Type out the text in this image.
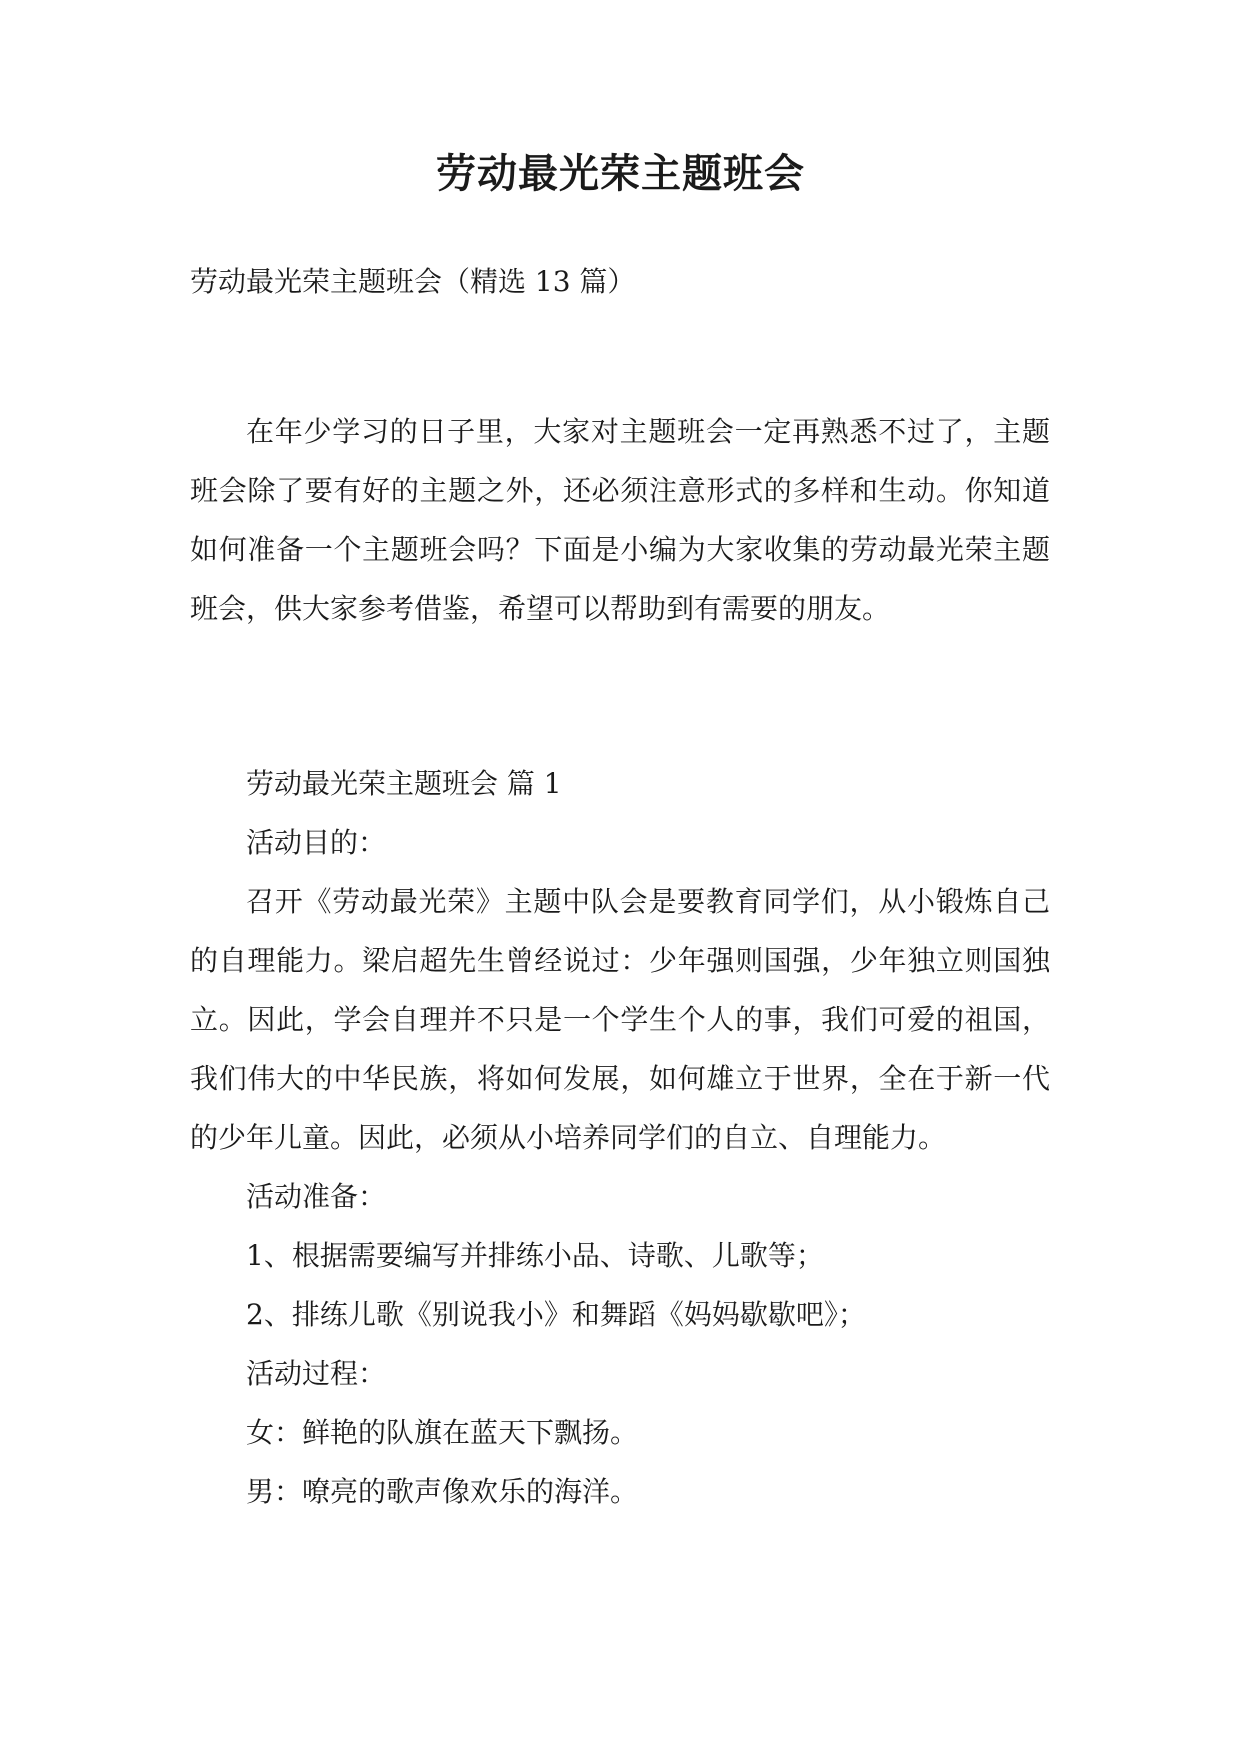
劳动最光荣主题班会

劳动最光荣主题班会（精选 13 篇）

在年少学习的日子里，大家对主题班会一定再熟悉不过了，主题班会除了要有好的主题之外，还必须注意形式的多样和生动。你知道如何准备一个主题班会吗？下面是小编为大家收集的劳动最光荣主题班会，供大家参考借鉴，希望可以帮助到有需要的朋友。

劳动最光荣主题班会 篇 1

活动目的：

召开《劳动最光荣》主题中队会是要教育同学们，从小锻炼自己的自理能力。梁启超先生曾经说过：少年强则国强，少年独立则国独立。因此，学会自理并不只是一个学生个人的事，我们可爱的祖国，我们伟大的中华民族，将如何发展，如何雄立于世界，全在于新一代的少年儿童。因此，必须从小培养同学们的自立、自理能力。

活动准备：

1、根据需要编写并排练小品、诗歌、儿歌等；

2、排练儿歌《别说我小》和舞蹈《妈妈歇歇吧》；

活动过程：

女：鲜艳的队旗在蓝天下飘扬。

男：嘹亮的歌声像欢乐的海洋。
